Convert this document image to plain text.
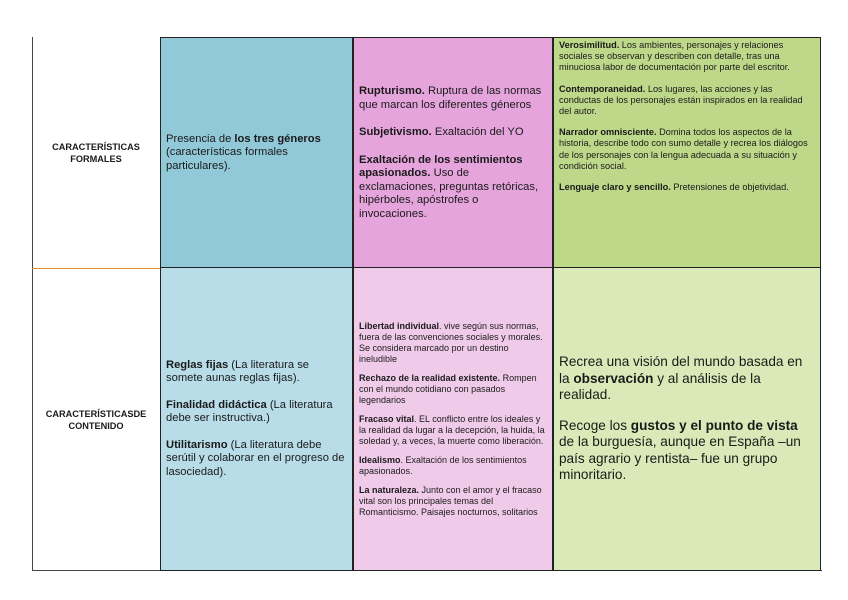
CARACTERÍSTICAS FORMALES

Presencia de los tres géneros (características formales particulares).

Rupturismo. Ruptura de las normas que marcan los diferentes géneros

Subjetivismo. Exaltación del YO

Exaltación de los sentimientos apasionados. Uso de exclamaciones, preguntas retóricas, hipérboles, apóstrofes o invocaciones.

Verosimilitud. Los ambientes, personajes y relaciones sociales se observan y describen con detalle, tras una minuciosa labor de documentación por parte del escritor.

Contemporaneidad. Los lugares, las acciones y las conductas de los personajes están inspirados en la realidad del autor.

Narrador omnisciente. Domina todos los aspectos de la historia, describe todo con sumo detalle y recrea los diálogos de los personajes con la lengua adecuada a su situación y condición social.

Lenguaje claro y sencillo. Pretensiones de objetividad.

CARACTERÍSTICASDE CONTENIDO

Reglas fijas (La literatura se somete aunas reglas fijas).

Finalidad didáctica (La literatura debe ser instructiva.)

Utilitarismo (La literatura debe serútil y colaborar en el progreso de lasociedad).

Libertad individual. vive según sus normas, fuera de las convenciones sociales y morales. Se considera marcado por un destino ineludible

Rechazo de la realidad existente. Rompen con el mundo cotidiano con pasados legendarios

Fracaso vital. EL conflicto entre los ideales y la realidad da lugar a la decepción, la huida, la soledad y, a veces, la muerte como liberación.

Idealismo. Exaltación de los sentimientos apasionados.

La naturaleza. Junto con el amor y el fracaso vital son los principales temas del Romanticismo. Paisajes nocturnos, solitarios

Recrea una visión del mundo basada en la observación y al análisis de la realidad.

Recoge los gustos y el punto de vista de la burguesía, aunque en España –un país agrario y rentista– fue un grupo minoritario.
